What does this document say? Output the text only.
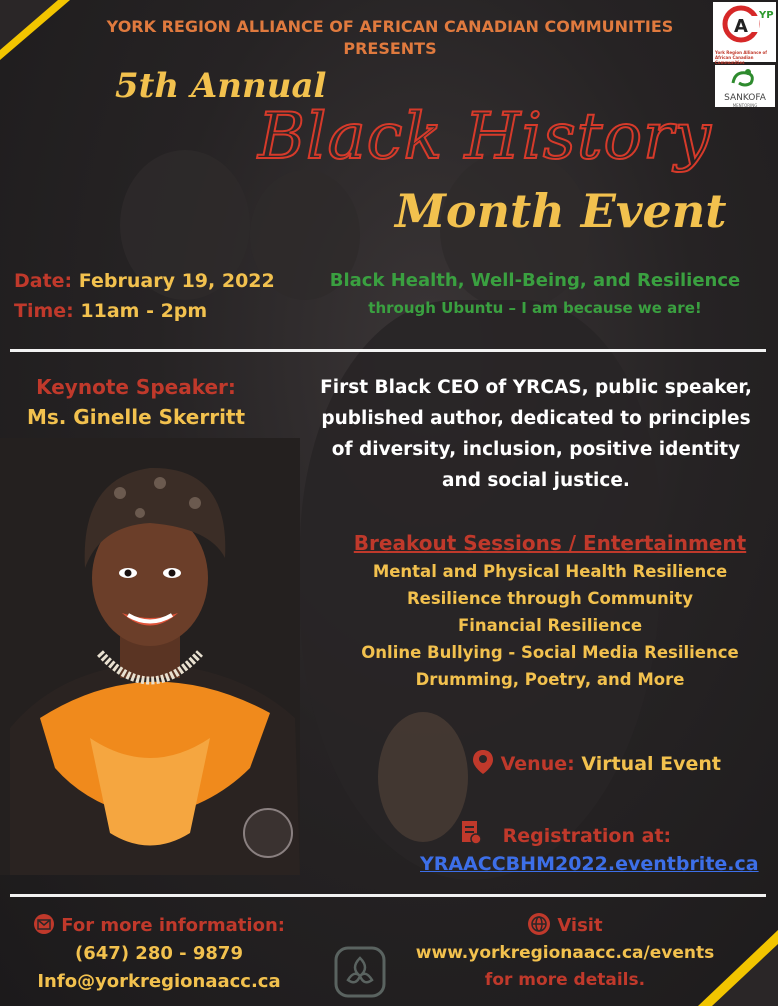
A
YP
York Region Alliance of African Canadian Communities
SANKOFA
MENTORING
YORK REGION ALLIANCE OF AFRICAN CANADIAN COMMUNITIES
PRESENTS
5th Annual
Black History
Month Event
Date: February 19, 2022
Time: 11am - 2pm
Black Health, Well-Being, and Resilience
through Ubuntu – I am because we are!
Keynote Speaker:
Ms. Ginelle Skerritt
First Black CEO of YRCAS, public speaker, published author, dedicated to principles of diversity, inclusion, positive identity and social justice.
Breakout Sessions / Entertainment
Mental and Physical Health Resilience
Resilience through Community
Financial Resilience
Online Bullying - Social Media Resilience
Drumming, Poetry, and More
Venue: Virtual Event
Registration at:
YRAACCBHM2022.eventbrite.ca
For more information:
(647) 280 - 9879
Info@yorkregionaacc.ca
Visit
www.yorkregionaacc.ca/events
for more details.
